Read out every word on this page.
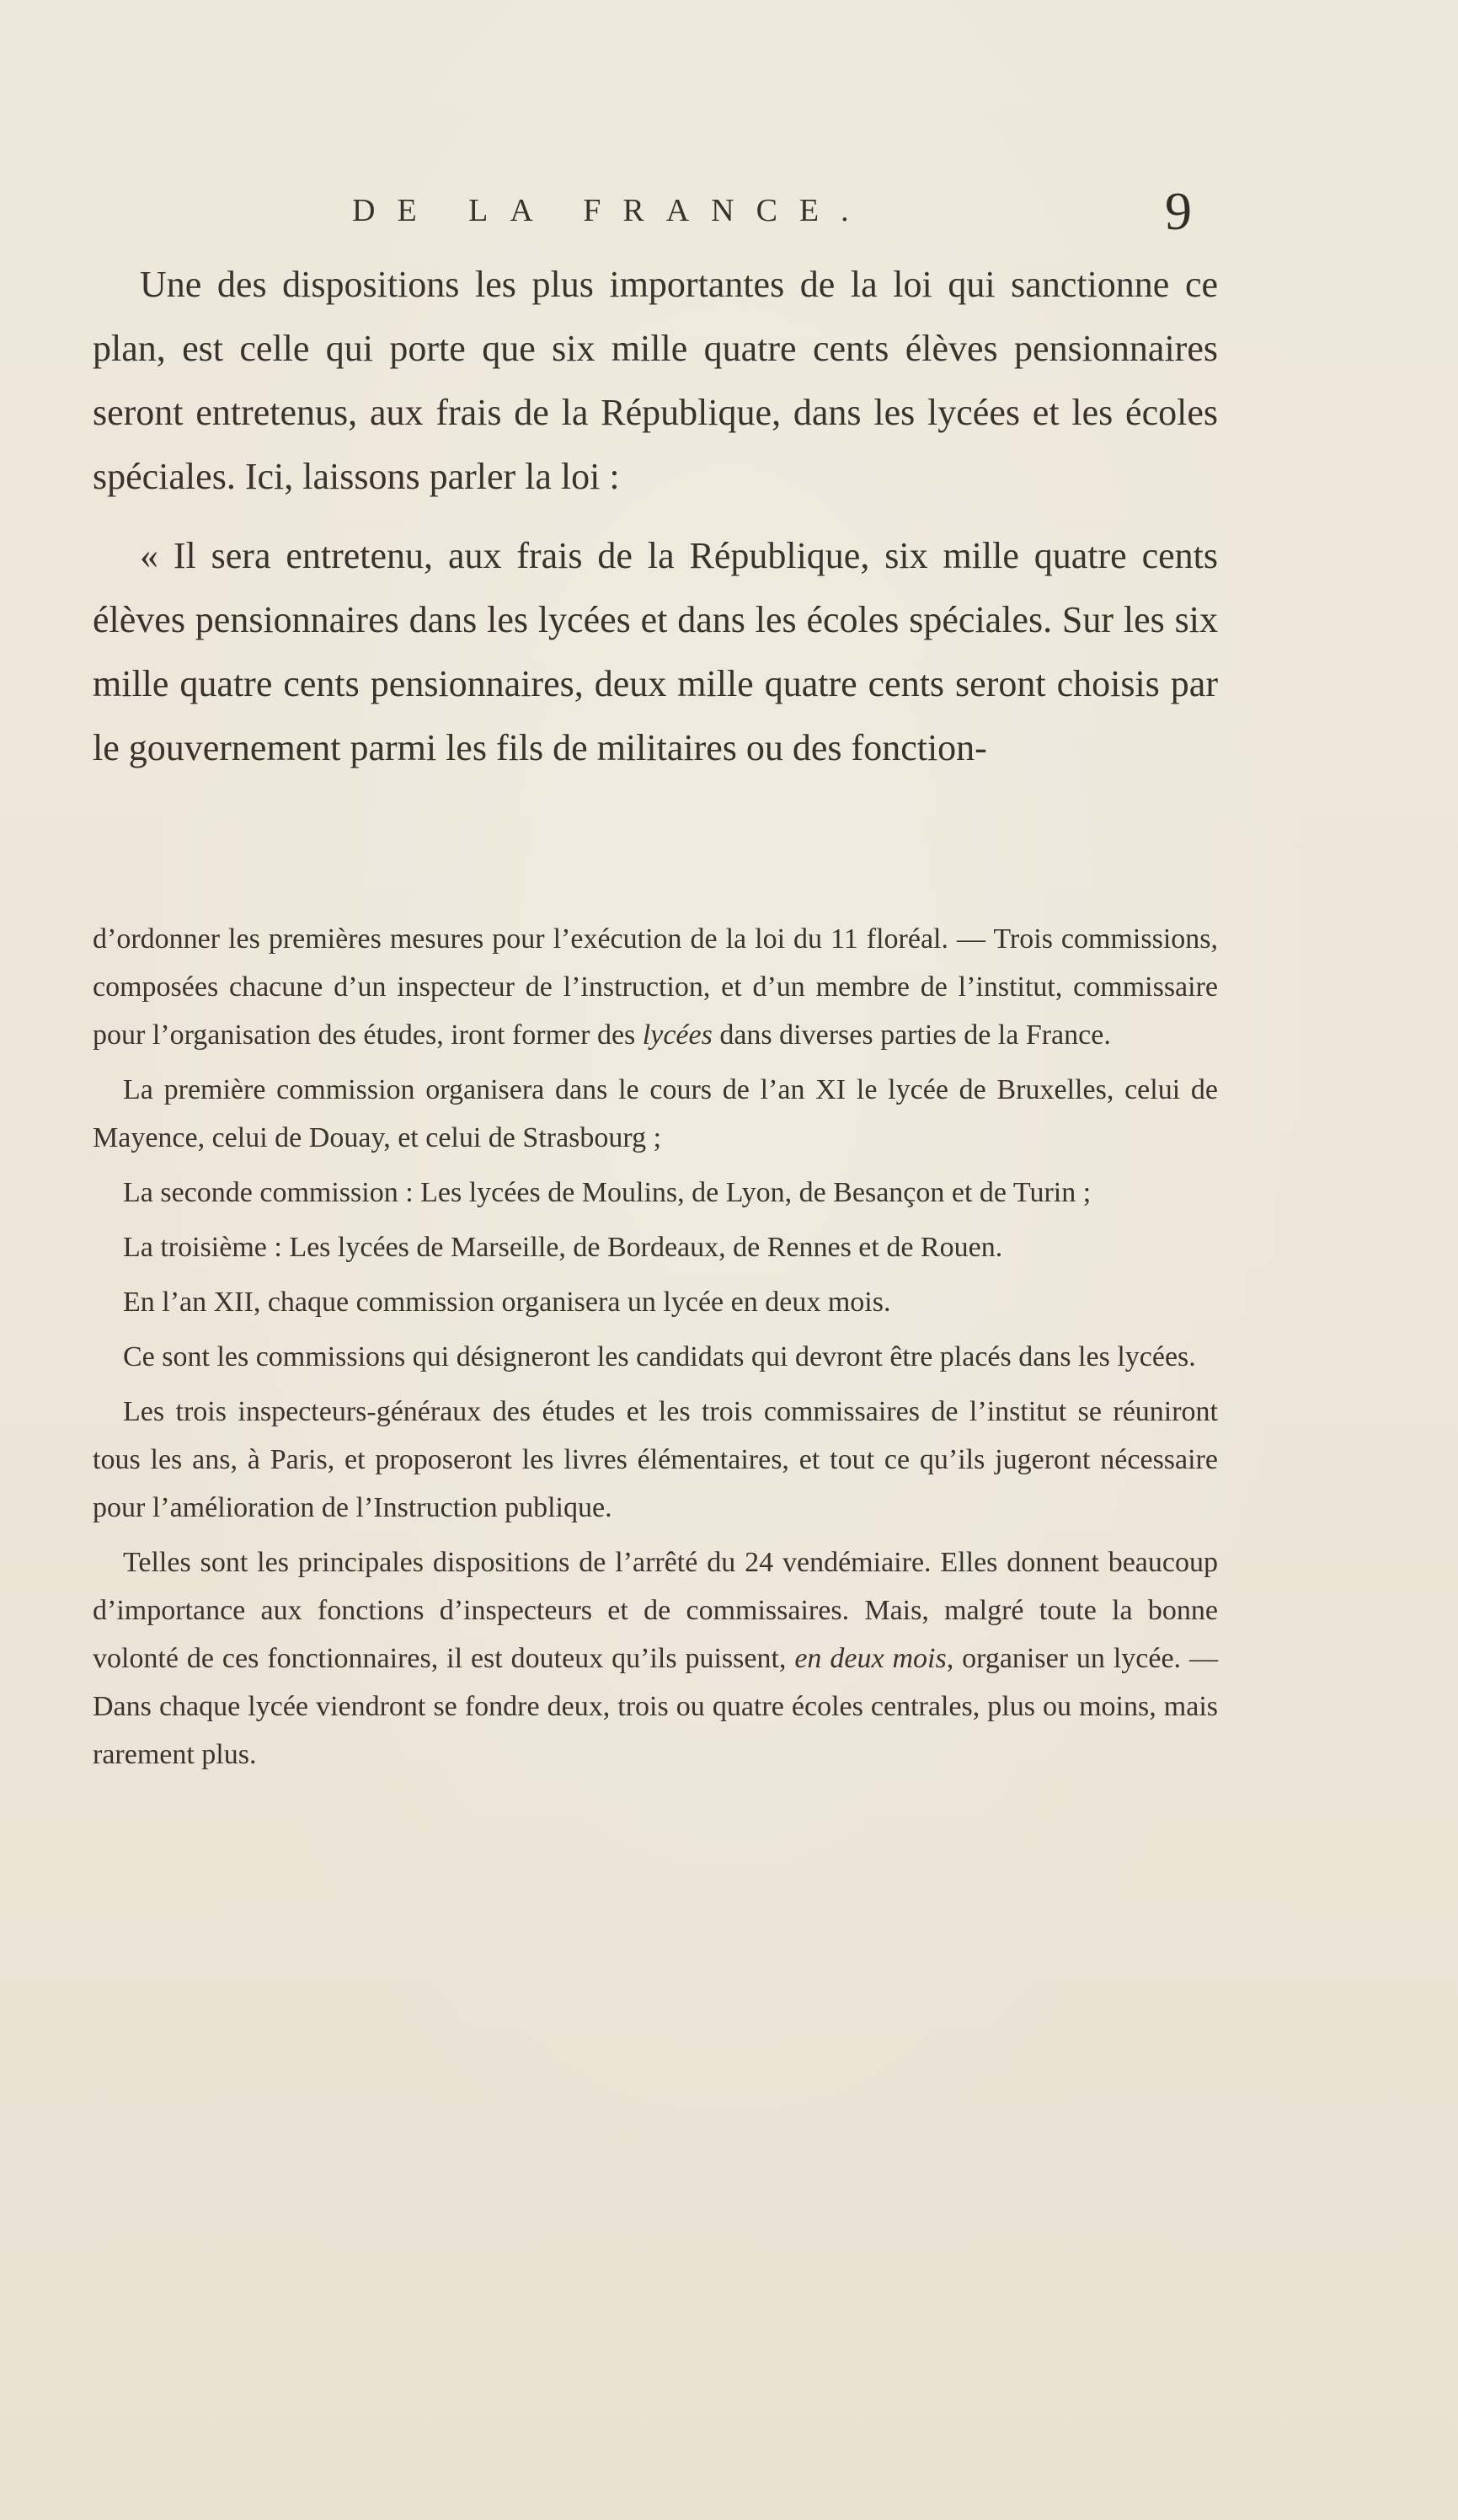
DE LA FRANCE.	9

Une des dispositions les plus importantes de la loi qui sanctionne ce plan, est celle qui porte que six mille quatre cents élèves pensionnaires seront entretenus, aux frais de la République, dans les lycées et les écoles spéciales. Ici, laissons parler la loi :

« Il sera entretenu, aux frais de la République, six mille quatre cents élèves pensionnaires dans les lycées et dans les écoles spéciales. Sur les six mille quatre cents pensionnaires, deux mille quatre cents seront choisis par le gouvernement parmi les fils de militaires ou des fonction-

d’ordonner les premières mesures pour l’exécution de la loi du 11 floréal. — Trois commissions, composées chacune d’un inspecteur de l’instruction, et d’un membre de l’institut, commissaire pour l’organisation des études, iront former des lycées dans diverses parties de la France.

La première commission organisera dans le cours de l’an XI le lycée de Bruxelles, celui de Mayence, celui de Douay, et celui de Strasbourg ;

La seconde commission : Les lycées de Moulins, de Lyon, de Besançon et de Turin ;

La troisième : Les lycées de Marseille, de Bordeaux, de Rennes et de Rouen.

En l’an XII, chaque commission organisera un lycée en deux mois.

Ce sont les commissions qui désigneront les candidats qui devront être placés dans les lycées.

Les trois inspecteurs-généraux des études et les trois commissaires de l’institut se réuniront tous les ans, à Paris, et proposeront les livres élémentaires, et tout ce qu’ils jugeront nécessaire pour l’amélioration de l’Instruction publique.

Telles sont les principales dispositions de l’arrêté du 24 vendémiaire. Elles donnent beaucoup d’importance aux fonctions d’inspecteurs et de commissaires. Mais, malgré toute la bonne volonté de ces fonctionnaires, il est douteux qu’ils puissent, en deux mois, organiser un lycée. — Dans chaque lycée viendront se fondre deux, trois ou quatre écoles centrales, plus ou moins, mais rarement plus.
